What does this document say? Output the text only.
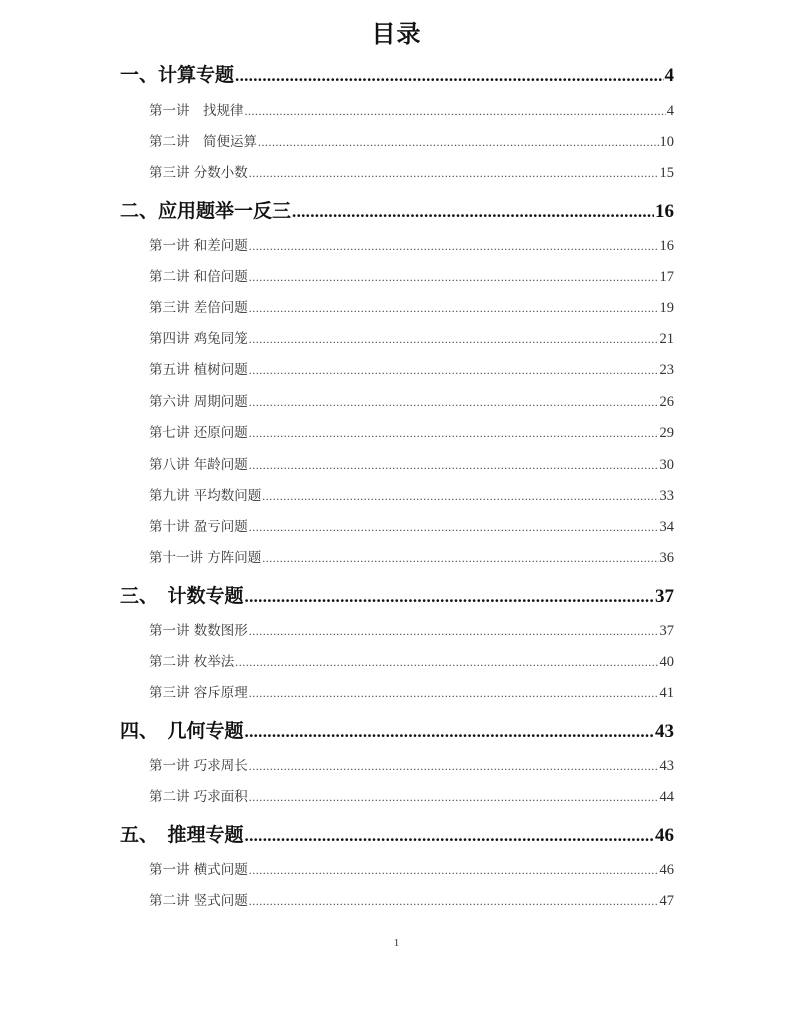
目录
一、计算专题 .....	4
第一讲　找规律 .....	4
第二讲　简便运算 .....	10
第三讲 分数小数 .....	15
二、应用题举一反三 .....	16
第一讲 和差问题 .....	16
第二讲 和倍问题 .....	17
第三讲 差倍问题 .....	19
第四讲 鸡兔同笼 .....	21
第五讲 植树问题 .....	23
第六讲 周期问题 .....	26
第七讲 还原问题 .....	29
第八讲 年龄问题 .....	30
第九讲 平均数问题 .....	33
第十讲 盈亏问题 .....	34
第十一讲 方阵问题 .....	36
三、　计数专题 .....	37
第一讲 数数图形 .....	37
第二讲 枚举法 .....	40
第三讲 容斥原理 .....	41
四、　几何专题 .....	43
第一讲 巧求周长 .....	43
第二讲 巧求面积 .....	44
五、　推理专题 .....	46
第一讲 横式问题 .....	46
第二讲 竖式问题 .....	47
1
